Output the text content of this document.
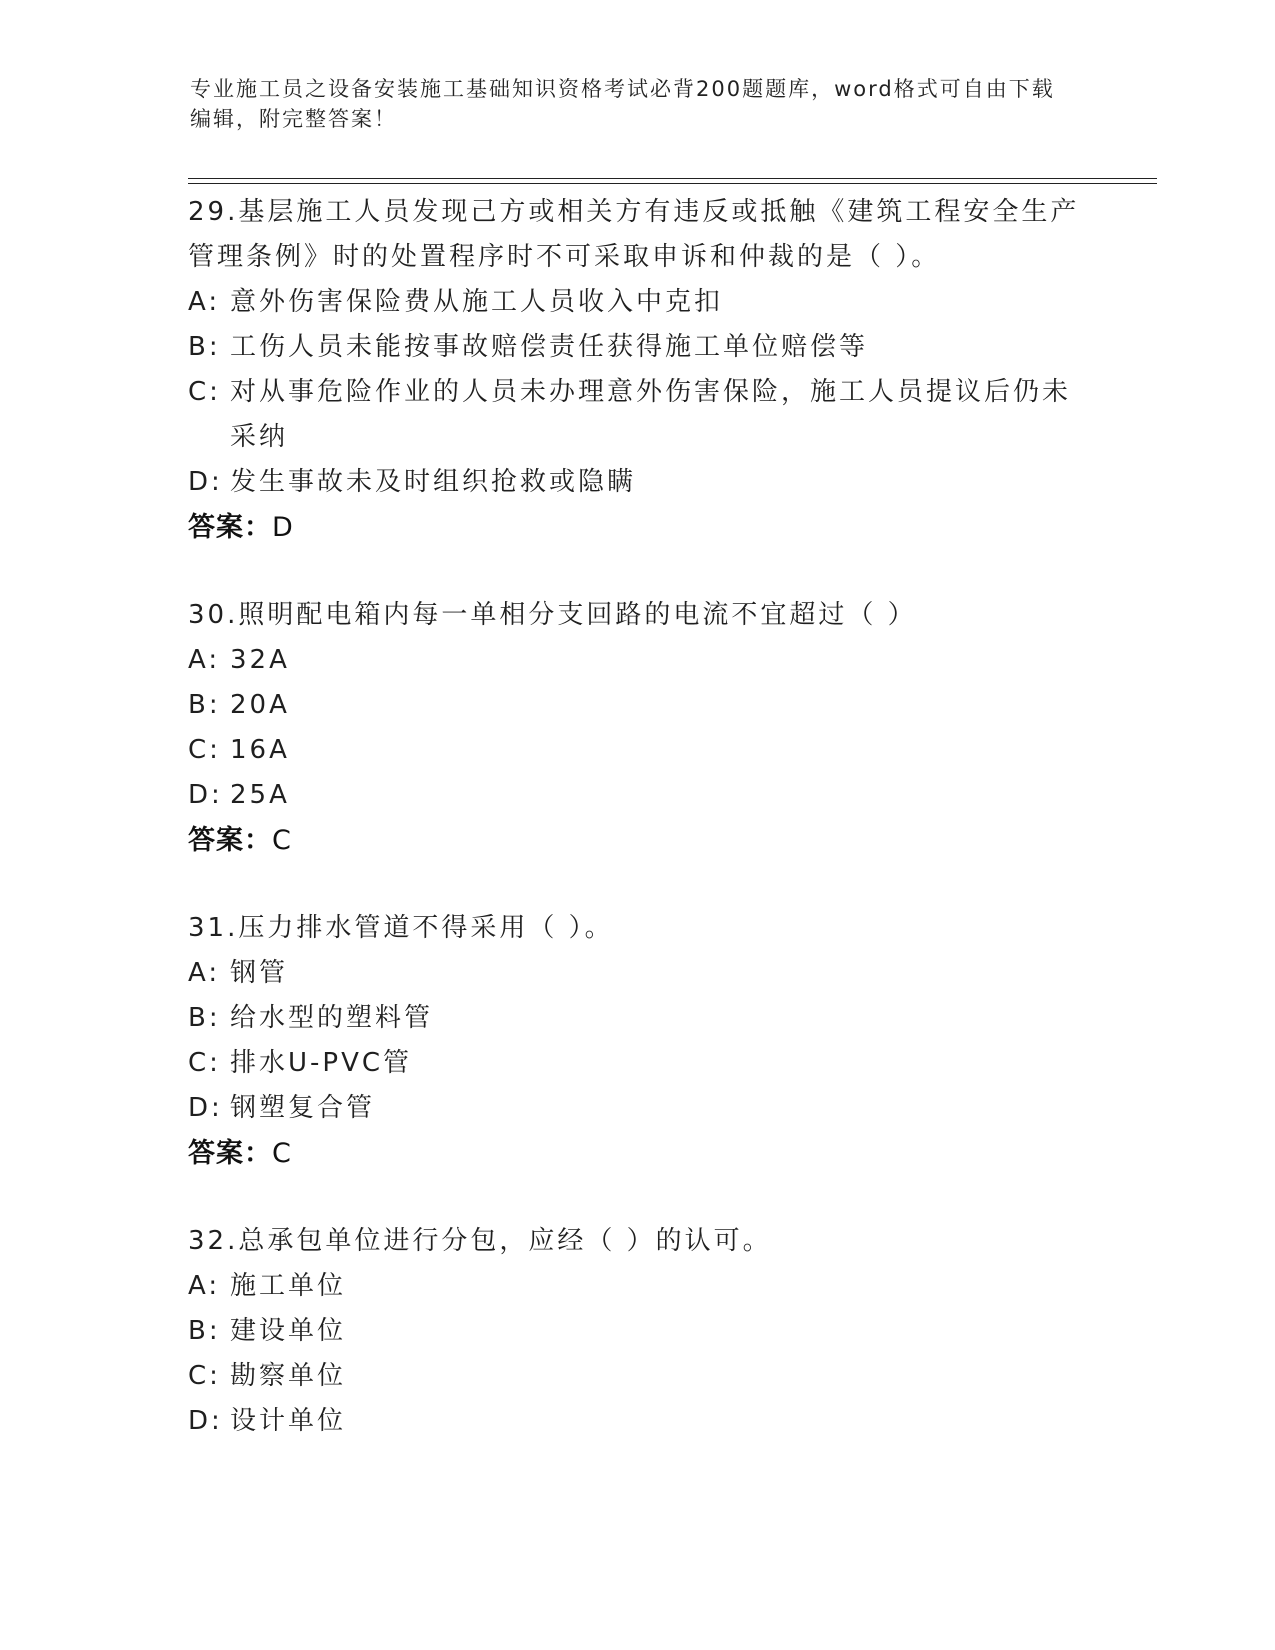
专业施工员之设备安装施工基础知识资格考试必背200题题库，word格式可自由下载编辑，附完整答案！
29.基层施工人员发现己方或相关方有违反或抵触《建筑工程安全生产管理条例》时的处置程序时不可采取申诉和仲裁的是（ ）。
A: 意外伤害保险费从施工人员收入中克扣
B: 工伤人员未能按事故赔偿责任获得施工单位赔偿等
C: 对从事危险作业的人员未办理意外伤害保险，施工人员提议后仍未采纳
D: 发生事故未及时组织抢救或隐瞒
答案：D
30.照明配电箱内每一单相分支回路的电流不宜超过（ ）
A: 32A
B: 20A
C: 16A
D: 25A
答案：C
31.压力排水管道不得采用（ ）。
A: 钢管
B: 给水型的塑料管
C: 排水U-PVC管
D: 钢塑复合管
答案：C
32.总承包单位进行分包，应经（ ）的认可。
A: 施工单位
B: 建设单位
C: 勘察单位
D: 设计单位
